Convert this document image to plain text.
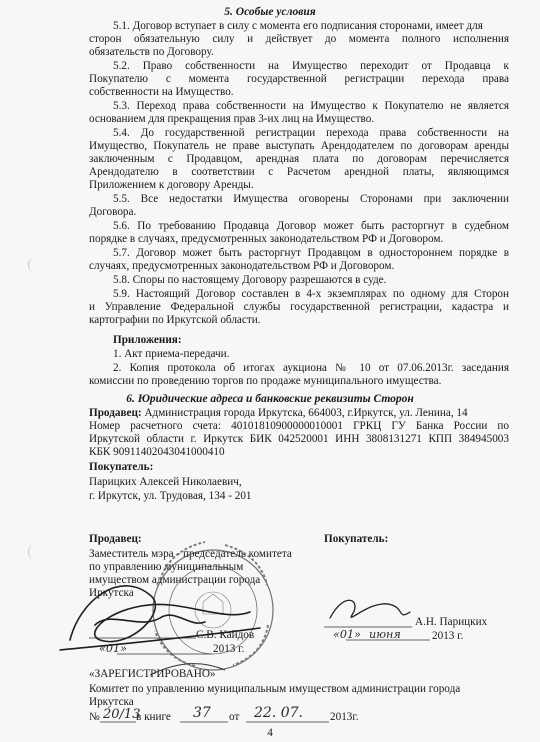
5. Особые условия
5.1. Договор вступает в силу с момента его подписания сторонами, имеет для
сторон обязательную силу и действует до момента полного исполнения
обязательств по Договору.
5.2. Право собственности на Имущество переходит от Продавца к
Покупателю с момента государственной регистрации перехода права
собственности на Имущество.
5.3. Переход права собственности на Имущество к Покупателю не является
основанием для прекращения прав 3-их лиц на Имущество.
5.4. До государственной регистрации перехода права собственности на
Имущество, Покупатель не праве выступать Арендодателем по договорам аренды
заключенным с Продавцом, арендная плата по договорам перечисляется
Арендодателю в соответствии с Расчетом арендной платы, являющимся
Приложением к договору Аренды.
5.5. Все недостатки Имущества оговорены Сторонами при заключении
Договора.
5.6. По требованию Продавца Договор может быть расторгнут в судебном
порядке в случаях, предусмотренных законодательством РФ и Договором.
5.7. Договор может быть расторгнут Продавцом в одностороннем порядке в
случаях, предусмотренных законодательством РФ и Договором.
5.8. Споры по настоящему Договору разрешаются в суде.
5.9. Настоящий Договор составлен в 4-х экземплярах по одному для Сторон
и Управление Федеральной службы государственной регистрации, кадастра и
картографии по Иркутской области.
Приложения:
1. Акт приема-передачи.
2. Копия протокола об итогах аукциона № 10 от 07.06.2013г. заседания
комиссии по проведению торгов по продаже муниципального имущества.
6. Юридические адреса и банковские реквизиты Сторон
Продавец: Администрация города Иркутска, 664003, г.Иркутск, ул. Ленина, 14
Номер расчетного счета: 40101810900000010001 ГРКЦ ГУ Банка России по
Иркутской области г. Иркутск БИК 042520001 ИНН 3808131271 КПП 384945003
КБК 90911402043041000410
Покупатель:
Парицких Алексей Николаевич,
г. Иркутск, ул. Трудовая, 134 - 201
Продавец:	Покупатель:
Заместитель мэра - председатель комитета
по управлению муниципальным
имуществом администрации города
Иркутска
С.В. Кайдов
«01»	2013 г.
А.Н. Парицких
«01» июня	2013 г.
«ЗАРЕГИСТРИРОВАНО»
Комитет по управлению муниципальным имуществом администрации города
Иркутска
№ 20/13
в книге 37 от 22. 07. 2013г.
4
